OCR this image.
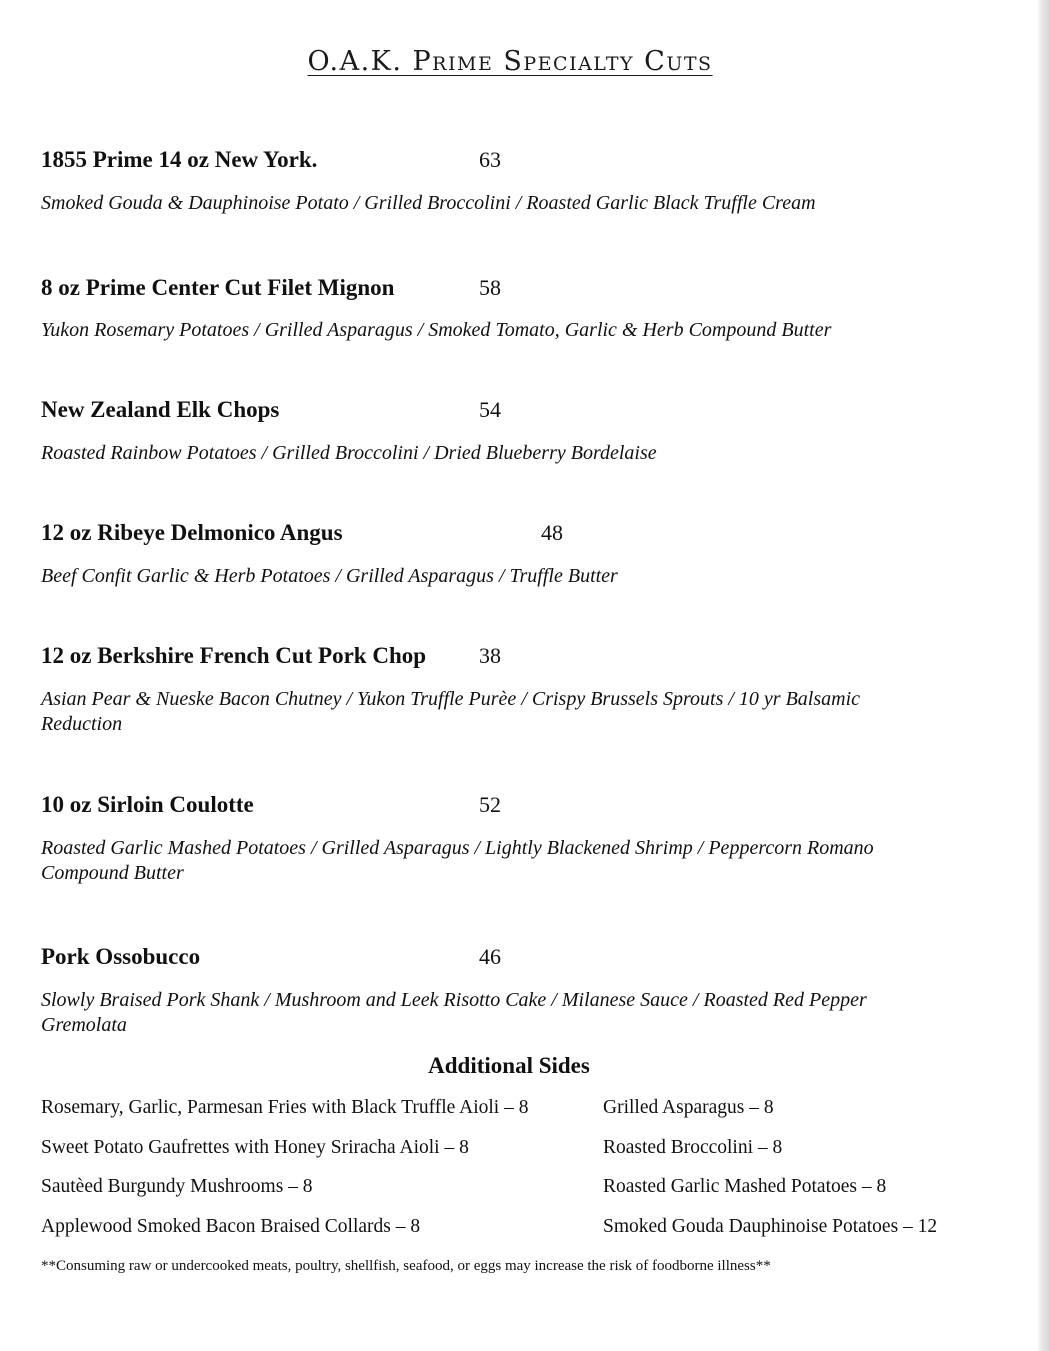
O.A.K. Prime Specialty Cuts
1855 Prime 14 oz New York.	63
Smoked Gouda & Dauphinoise Potato / Grilled Broccolini / Roasted Garlic Black Truffle Cream
8 oz Prime Center Cut Filet Mignon	58
Yukon Rosemary Potatoes / Grilled Asparagus / Smoked Tomato, Garlic & Herb Compound Butter
New Zealand Elk Chops	54
Roasted Rainbow Potatoes / Grilled Broccolini / Dried Blueberry Bordelaise
12 oz Ribeye Delmonico Angus	48
Beef Confit Garlic & Herb Potatoes / Grilled Asparagus / Truffle Butter
12 oz Berkshire French Cut Pork Chop 38
Asian Pear & Nueske Bacon Chutney / Yukon Truffle Purèe / Crispy Brussels Sprouts / 10 yr Balsamic Reduction
10 oz Sirloin Coulotte	52
Roasted Garlic Mashed Potatoes / Grilled Asparagus / Lightly Blackened Shrimp / Peppercorn Romano Compound Butter
Pork Ossobucco	46
Slowly Braised Pork Shank / Mushroom and Leek Risotto Cake / Milanese Sauce / Roasted Red Pepper Gremolata
Additional Sides
Rosemary, Garlic, Parmesan Fries with Black Truffle Aioli – 8
Sweet Potato Gaufrettes with Honey Sriracha Aioli – 8
Sautèed Burgundy Mushrooms – 8
Applewood Smoked Bacon Braised Collards – 8
Grilled Asparagus – 8
Roasted Broccolini – 8
Roasted Garlic Mashed Potatoes – 8
Smoked Gouda Dauphinoise Potatoes – 12
**Consuming raw or undercooked meats, poultry, shellfish, seafood, or eggs may increase the risk of foodborne illness**
